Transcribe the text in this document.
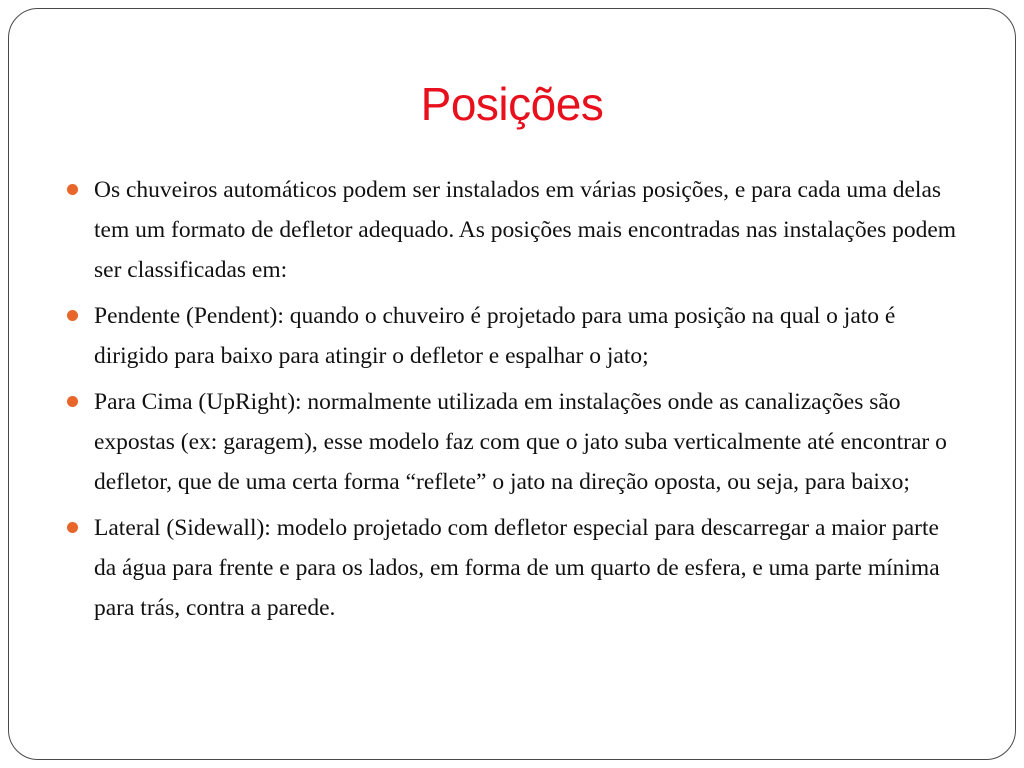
Posições
Os chuveiros automáticos podem ser instalados em várias posições, e para cada uma delas tem um formato de defletor adequado. As posições mais encontradas nas instalações podem ser classificadas em:
Pendente (Pendent): quando o chuveiro é projetado para uma posição na qual o jato é dirigido para baixo para atingir o defletor e espalhar o jato;
Para Cima (UpRight): normalmente utilizada em instalações onde as canalizações são expostas (ex: garagem), esse modelo faz com que o jato suba verticalmente até encontrar o defletor, que de uma certa forma “reflete” o jato na direção oposta, ou seja, para baixo;
Lateral (Sidewall): modelo projetado com defletor especial para descarregar a maior parte da água para frente e para os lados, em forma de um quarto de esfera, e uma parte mínima para trás, contra a parede.
